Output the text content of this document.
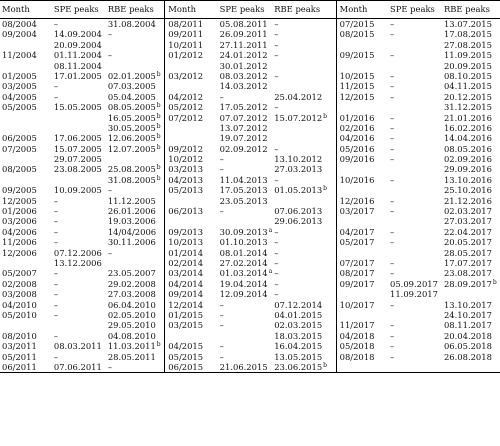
Month	SPE peaks	RBE peaks	Month	SPE peaks	RBE peaks	Month	SPE peaks	RBE peaks
08/2004	–	31.08.2004	08/2011	05.08.2011	–	07/2015	–	13.07.2015
09/2004	14.09.2004	–	09/2011	26.09.2011	–	08/2015	–	17.08.2015
	20.09.2004		10/2011	27.11.2011	–			27.08.2015
11/2004	01.11.2004	–	01/2012	24.01.2012	–	09/2015	–	11.09.2015
	08.11.2004			30.01.2012				20.09.2015
01/2005	17.01.2005	02.01.2005$^b$	03/2012	08.03.2012	–	10/2015	–	08.10.2015
03/2005	–	07.03.2005		14.03.2012		11/2015	–	04.11.2015
04/2005	–	05.04.2005	04/2012	–	25.04.2012	12/2015	–	20.12.2015
05/2005	15.05.2005	08.05.2005$^b$	05/2012	17.05.2012	–			31.12.2015
		16.05.2005$^b$	07/2012	07.07.2012	15.07.2012$^b$	01/2016	–	21.01.2016
		30.05.2005$^b$		13.07.2012		02/2016	–	16.02.2016
06/2005	17.06.2005	12.06.2005$^b$		19.07.2012		04/2016	–	14.04.2016
07/2005	15.07.2005	12.07.2005$^b$	09/2012	02.09.2012	–	05/2016	–	08.05.2016
	29.07.2005		10/2012	–	13.10.2012	09/2016	–	02.09.2016
08/2005	23.08.2005	25.08.2005$^b$	03/2013	–	27.03.2013			29.09.2016
		31.08.2005$^b$	04/2013	11.04.2013	–	10/2016	–	13.10.2016
09/2005	10.09.2005	–	05/2013	17.05.2013	01.05.2013$^b$			25.10.2016
12/2005	–	11.12.2005		23.05.2013		12/2016	–	21.12.2016
01/2006	–	26.01.2006	06/2013	–	07.06.2013	03/2017	–	02.03.2017
03/2006	–	19.03.2006			29.06.2013			27.03.2017
04/2006	–	14/04/2006	09/2013	30.09.2013$^a$	–	04/2017	–	22.04.2017
11/2006	–	30.11.2006	10/2013	01.10.2013	–	05/2017	–	20.05.2017
12/2006	07.12.2006	–	01/2014	08.01.2014	–			28.05.2017
	13.12.2006		02/2014	27.02.2014	–	07/2017	–	17.07.2017
05/2007	–	23.05.2007	03/2014	01.03.2014$^a$	–	08/2017	–	23.08.2017
02/2008	–	29.02.2008	04/2014	19.04.2014	–	09/2017	05.09.2017	28.09.2017$^b$
03/2008	–	27.03.2008	09/2014	12.09.2014	–		11.09.2017	
04/2010	–	06.04.2010	12/2014	–	07.12.2014	10/2017	–	13.10.2017
05/2010	–	02.05.2010	01/2015	–	04.01.2015			24.10.2017
		29.05.2010	03/2015	–	02.03.2015	11/2017	–	08.11.2017
08/2010	–	04.08.2010			18.03.2015	04/2018	–	20.04.2018
03/2011	08.03.2011	11.03.2011$^b$	04/2015	–	16.04.2015	05/2018	–	06.05.2018
05/2011	–	28.05.2011	05/2015	–	13.05.2015	08/2018	–	26.08.2018
06/2011	07.06.2011	–	06/2015	21.06.2015	23.06.2015$^b$			
